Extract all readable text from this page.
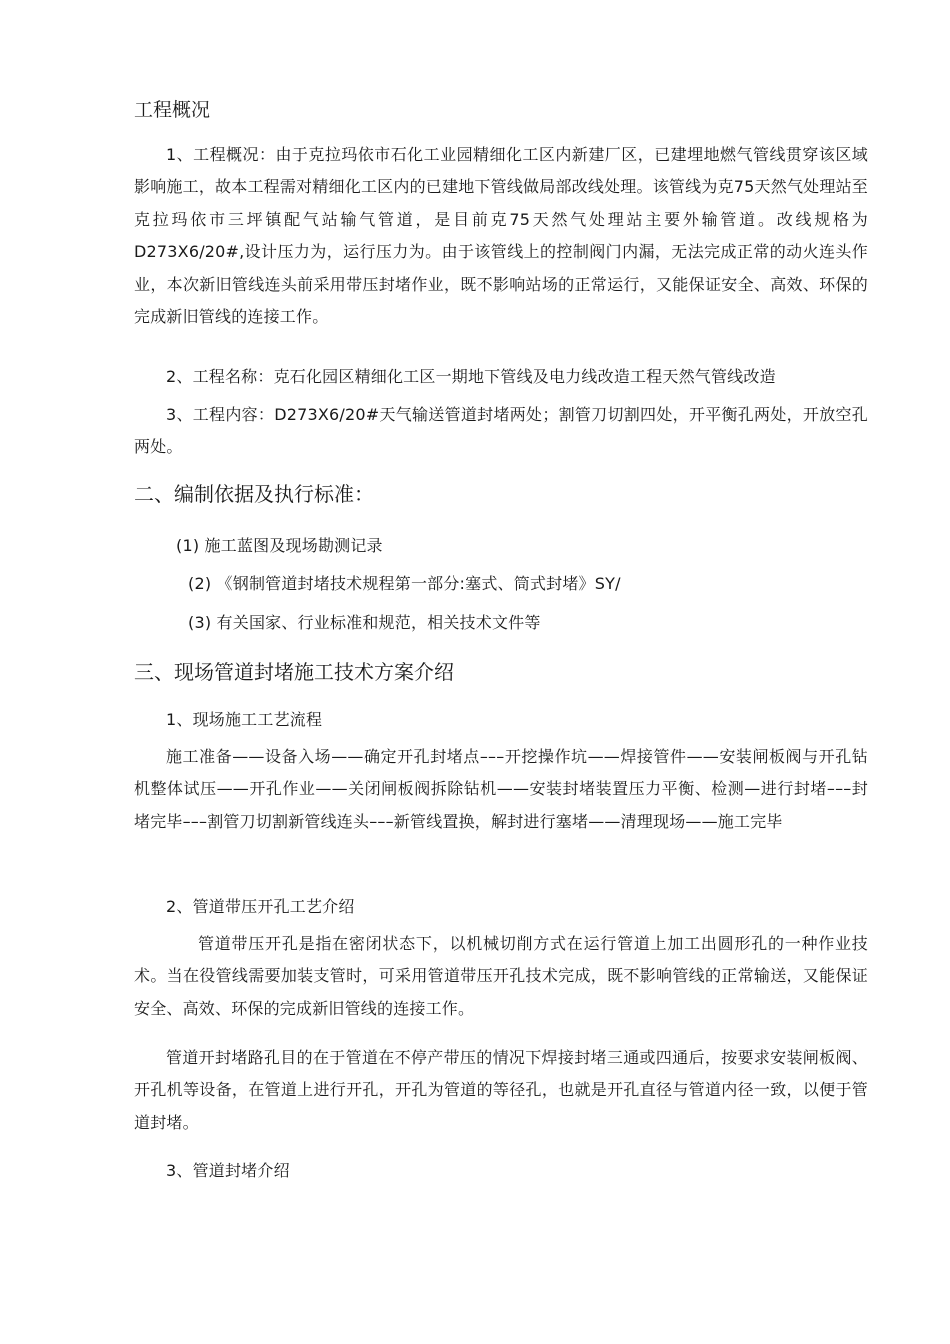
工程概况
1、工程概况：由于克拉玛依市石化工业园精细化工区内新建厂区，已建埋地燃气管线贯穿该区域影响施工，故本工程需对精细化工区内的已建地下管线做局部改线处理。该管线为克75天然气处理站至克拉玛依市三坪镇配气站输气管道，是目前克75天然气处理站主要外输管道。改线规格为D273X6/20#,设计压力为，运行压力为。由于该管线上的控制阀门内漏，无法完成正常的动火连头作业，本次新旧管线连头前采用带压封堵作业，既不影响站场的正常运行，又能保证安全、高效、环保的完成新旧管线的连接工作。
2、工程名称：克石化园区精细化工区一期地下管线及电力线改造工程天然气管线改造
3、工程内容：D273X6/20#天气输送管道封堵两处；割管刀切割四处，开平衡孔两处，开放空孔两处。
二、编制依据及执行标准：
(1) 施工蓝图及现场勘测记录
(2) 《钢制管道封堵技术规程第一部分:塞式、筒式封堵》SY/
(3) 有关国家、行业标准和规范，相关技术文件等
三、现场管道封堵施工技术方案介绍
1、现场施工工艺流程
施工准备——设备入场——确定开孔封堵点–––开挖操作坑——焊接管件——安装闸板阀与开孔钻机整体试压——开孔作业——关闭闸板阀拆除钻机——安装封堵装置压力平衡、检测—进行封堵–––封堵完毕–––割管刀切割新管线连头–––新管线置换，解封进行塞堵——清理现场——施工完毕
2、管道带压开孔工艺介绍
管道带压开孔是指在密闭状态下，以机械切削方式在运行管道上加工出圆形孔的一种作业技术。当在役管线需要加装支管时，可采用管道带压开孔技术完成，既不影响管线的正常输送，又能保证安全、高效、环保的完成新旧管线的连接工作。
管道开封堵路孔目的在于管道在不停产带压的情况下焊接封堵三通或四通后，按要求安装闸板阀、开孔机等设备，在管道上进行开孔，开孔为管道的等径孔，也就是开孔直径与管道内径一致，以便于管道封堵。
3、管道封堵介绍
